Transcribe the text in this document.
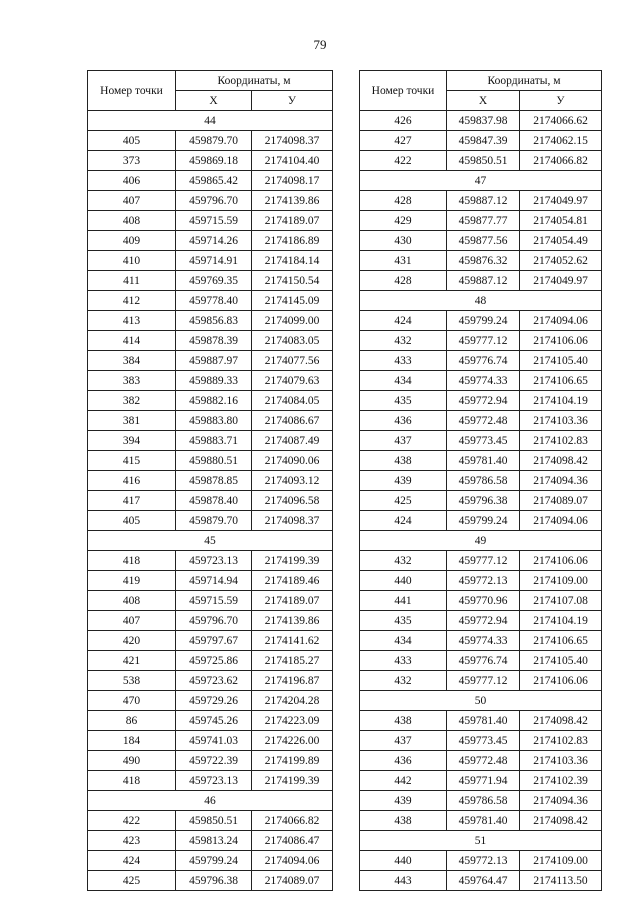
79
Номер точки	Координаты, м	
	X	У
44		
405	459879.70	2174098.37
373	459869.18	2174104.40
406	459865.42	2174098.17
407	459796.70	2174139.86
408	459715.59	2174189.07
409	459714.26	2174186.89
410	459714.91	2174184.14
411	459769.35	2174150.54
412	459778.40	2174145.09
413	459856.83	2174099.00
414	459878.39	2174083.05
384	459887.97	2174077.56
383	459889.33	2174079.63
382	459882.16	2174084.05
381	459883.80	2174086.67
394	459883.71	2174087.49
415	459880.51	2174090.06
416	459878.85	2174093.12
417	459878.40	2174096.58
405	459879.70	2174098.37
45		
418	459723.13	2174199.39
419	459714.94	2174189.46
408	459715.59	2174189.07
407	459796.70	2174139.86
420	459797.67	2174141.62
421	459725.86	2174185.27
538	459723.62	2174196.87
470	459729.26	2174204.28
86	459745.26	2174223.09
184	459741.03	2174226.00
490	459722.39	2174199.89
418	459723.13	2174199.39
46		
422	459850.51	2174066.82
423	459813.24	2174086.47
424	459799.24	2174094.06
425	459796.38	2174089.07
Номер точки	Координаты, м	
	X	У
426	459837.98	2174066.62
427	459847.39	2174062.15
422	459850.51	2174066.82
47		
428	459887.12	2174049.97
429	459877.77	2174054.81
430	459877.56	2174054.49
431	459876.32	2174052.62
428	459887.12	2174049.97
48		
424	459799.24	2174094.06
432	459777.12	2174106.06
433	459776.74	2174105.40
434	459774.33	2174106.65
435	459772.94	2174104.19
436	459772.48	2174103.36
437	459773.45	2174102.83
438	459781.40	2174098.42
439	459786.58	2174094.36
425	459796.38	2174089.07
424	459799.24	2174094.06
49		
432	459777.12	2174106.06
440	459772.13	2174109.00
441	459770.96	2174107.08
435	459772.94	2174104.19
434	459774.33	2174106.65
433	459776.74	2174105.40
432	459777.12	2174106.06
50		
438	459781.40	2174098.42
437	459773.45	2174102.83
436	459772.48	2174103.36
442	459771.94	2174102.39
439	459786.58	2174094.36
438	459781.40	2174098.42
51		
440	459772.13	2174109.00
443	459764.47	2174113.50
